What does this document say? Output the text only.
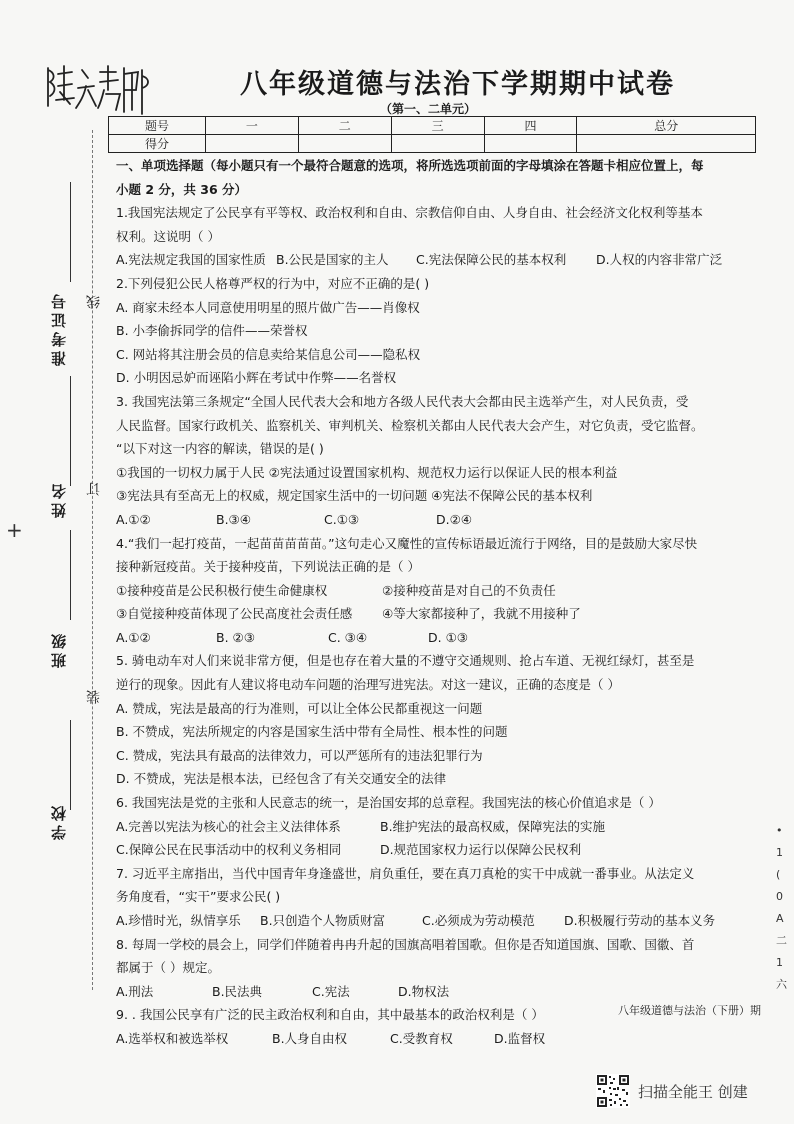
八年级道德与法治下学期期中试卷
（第一、二单元）
题号	一	二	三	四	总分
得分					
准考证号 线
姓名 订
班级
装
学校
+
一、单项选择题（每小题只有一个最符合题意的选项，将所选选项前面的字母填涂在答题卡相应位置上，每
小题 2 分，共 36 分）
1.我国宪法规定了公民享有平等权、政治权利和自由、宗教信仰自由、人身自由、社会经济文化权利等基本
权利。这说明（ ）
A.宪法规定我国的国家性质 B.公民是国家的主人	C.宪法保障公民的基本权利	D.人权的内容非常广泛
2.下列侵犯公民人格尊严权的行为中，对应不正确的是( )
A. 商家未经本人同意使用明星的照片做广告——肖像权
B. 小李偷拆同学的信件——荣誉权
C. 网站将其注册会员的信息卖给某信息公司——隐私权
D. 小明因忌妒而诬陷小辉在考试中作弊——名誉权
3. 我国宪法第三条规定“全国人民代表大会和地方各级人民代表大会都由民主选举产生，对人民负责，受
人民监督。国家行政机关、监察机关、审判机关、检察机关都由人民代表大会产生，对它负责，受它监督。
“以下对这一内容的解读，错误的是( )
①我国的一切权力属于人民 ②宪法通过设置国家机构、规范权力运行以保证人民的根本利益
③宪法具有至高无上的权威，规定国家生活中的一切问题 ④宪法不保障公民的基本权利
A.①②	B.③④	C.①③	D.②④
4.“我们一起打疫苗，一起苗苗苗苗苗。”这句走心又魔性的宣传标语最近流行于网络，目的是鼓励大家尽快
接种新冠疫苗。关于接种疫苗，下列说法正确的是（ ）
①接种疫苗是公民积极行使生命健康权	②接种疫苗是对自己的不负责任
③自觉接种疫苗体现了公民高度社会责任感	④等大家都接种了，我就不用接种了
A.①②	B. ②③	C. ③④	D. ①③
5. 骑电动车对人们来说非常方便，但是也存在着大量的不遵守交通规则、抢占车道、无视红绿灯，甚至是
逆行的现象。因此有人建议将电动车问题的治理写进宪法。对这一建议，正确的态度是（ ）
A. 赞成，宪法是最高的行为准则，可以让全体公民都重视这一问题
B. 不赞成，宪法所规定的内容是国家生活中带有全局性、根本性的问题
C. 赞成，宪法具有最高的法律效力，可以严惩所有的违法犯罪行为
D. 不赞成，宪法是根本法，已经包含了有关交通安全的法律
6. 我国宪法是党的主张和人民意志的统一，是治国安邦的总章程。我国宪法的核心价值追求是（ ）
A.完善以宪法为核心的社会主义法律体系	B.维护宪法的最高权威，保障宪法的实施
C.保障公民在民事活动中的权利义务相同	D.规范国家权力运行以保障公民权利
7. 习近平主席指出，当代中国青年身逢盛世，肩负重任，要在真刀真枪的实干中成就一番事业。从法定义
务角度看，“实干”要求公民( )
A.珍惜时光，纵情享乐	B.只创造个人物质财富	C.必须成为劳动模范	D.积极履行劳动的基本义务
8. 每周一学校的晨会上，同学们伴随着冉冉升起的国旗高唱着国歌。但你是否知道国旗、国歌、国徽、首
都属于（ ）规定。
A.刑法	B.民法典	C.宪法	D.物权法
9. . 我国公民享有广泛的民主政治权利和自由，其中最基本的政治权利是（ ）
A.选举权和被选举权	B.人身自由权	C.受教育权	D.监督权
•
1
(
0
A
二
1
六
八年级道德与法治（下册）期
扫描全能王 创建
